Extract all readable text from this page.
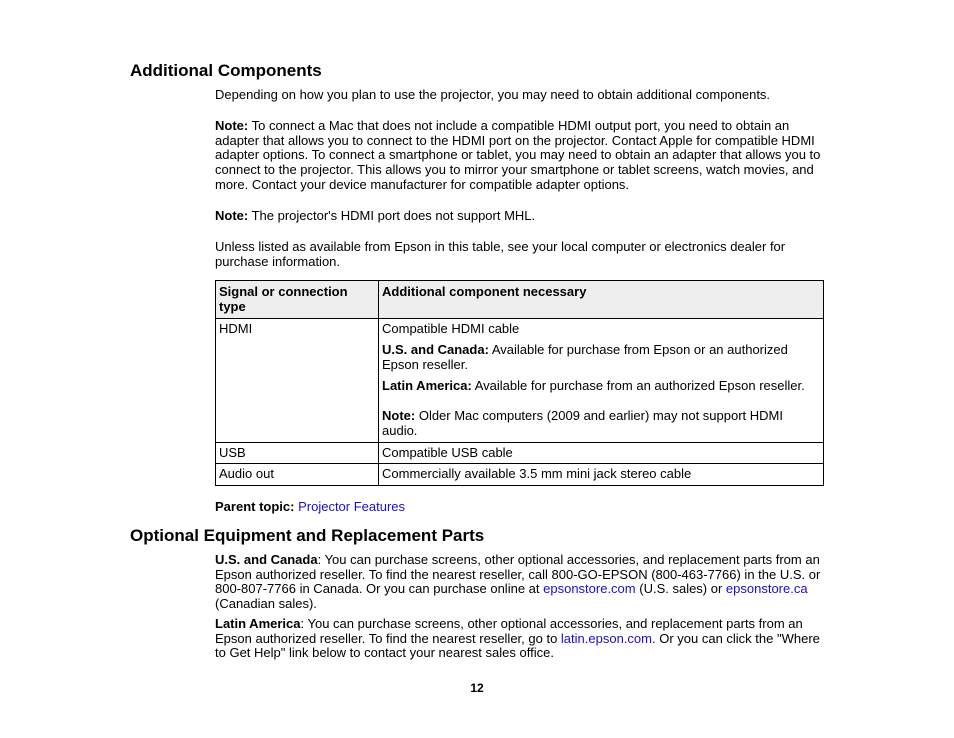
Additional Components

Depending on how you plan to use the projector, you may need to obtain additional components.

Note: To connect a Mac that does not include a compatible HDMI output port, you need to obtain an adapter that allows you to connect to the HDMI port on the projector. Contact Apple for compatible HDMI adapter options. To connect a smartphone or tablet, you may need to obtain an adapter that allows you to connect to the projector. This allows you to mirror your smartphone or tablet screens, watch movies, and more. Contact your device manufacturer for compatible adapter options.

Note: The projector's HDMI port does not support MHL.

Unless listed as available from Epson in this table, see your local computer or electronics dealer for purchase information.

Signal or connection type	Additional component necessary
HDMI	Compatible HDMI cable

U.S. and Canada: Available for purchase from Epson or an authorized Epson reseller.

Latin America: Available for purchase from an authorized Epson reseller.

Note: Older Mac computers (2009 and earlier) may not support HDMI audio.

USB	Compatible USB cable
Audio out	Commercially available 3.5 mm mini jack stereo cable

Parent topic: Projector Features

Optional Equipment and Replacement Parts

U.S. and Canada: You can purchase screens, other optional accessories, and replacement parts from an Epson authorized reseller. To find the nearest reseller, call 800-GO-EPSON (800-463-7766) in the U.S. or 800-807-7766 in Canada. Or you can purchase online at epsonstore.com (U.S. sales) or epsonstore.ca (Canadian sales).

Latin America: You can purchase screens, other optional accessories, and replacement parts from an Epson authorized reseller. To find the nearest reseller, go to latin.epson.com. Or you can click the "Where to Get Help" link below to contact your nearest sales office.

12
